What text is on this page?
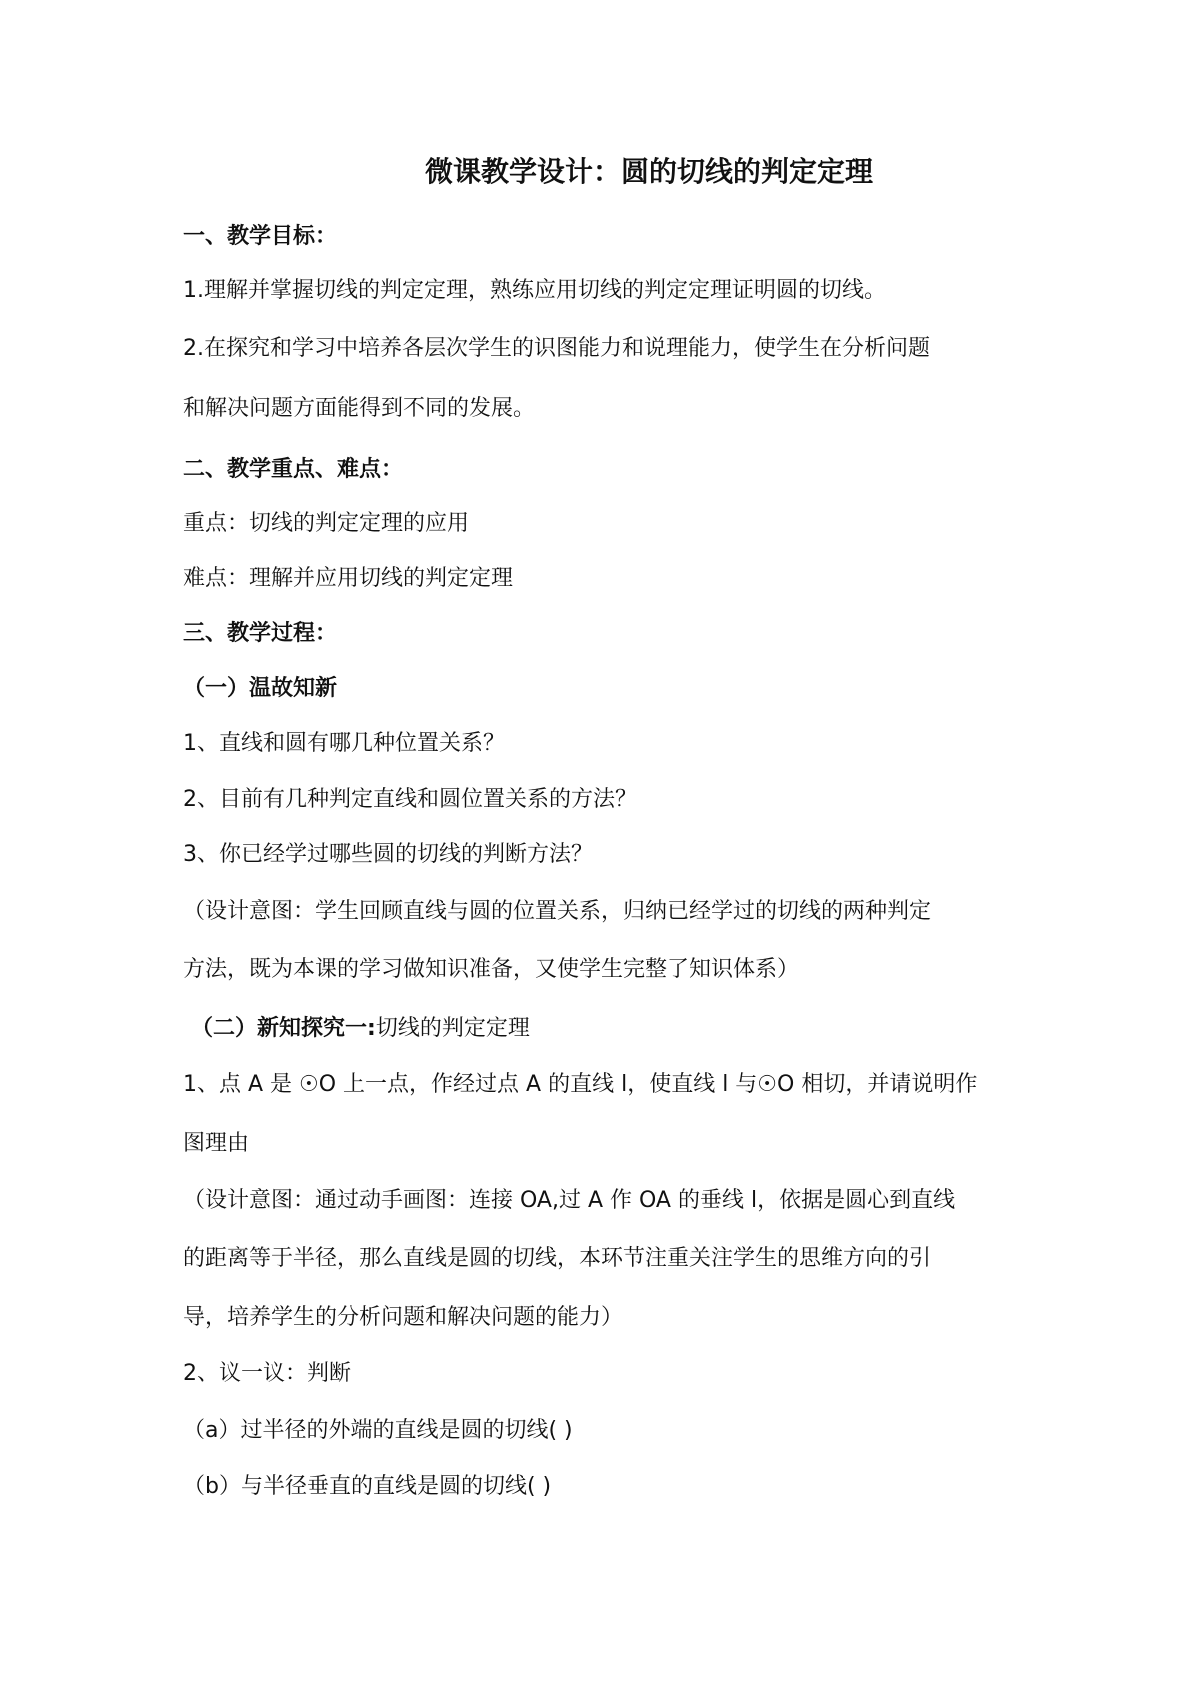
微课教学设计：圆的切线的判定定理
一、教学目标：
1.理解并掌握切线的判定定理，熟练应用切线的判定定理证明圆的切线。
2.在探究和学习中培养各层次学生的识图能力和说理能力，使学生在分析问题
和解决问题方面能得到不同的发展。
二、教学重点、难点：
重点：切线的判定定理的应用
难点：理解并应用切线的判定定理
三、教学过程：
（一）温故知新
1、直线和圆有哪几种位置关系？
2、目前有几种判定直线和圆位置关系的方法？
3、你已经学过哪些圆的切线的判断方法？
（设计意图：学生回顾直线与圆的位置关系，归纳已经学过的切线的两种判定
方法，既为本课的学习做知识准备，又使学生完整了知识体系）
（二）新知探究一:切线的判定定理
1、点 A 是 ☉O 上一点，作经过点 A 的直线 l，使直线 l 与☉O 相切，并请说明作
图理由
（设计意图：通过动手画图：连接 OA,过 A 作 OA 的垂线 l，依据是圆心到直线
的距离等于半径，那么直线是圆的切线，本环节注重关注学生的思维方向的引
导，培养学生的分析问题和解决问题的能力）
2、议一议：判断
（a）过半径的外端的直线是圆的切线( )
（b）与半径垂直的直线是圆的切线( )
